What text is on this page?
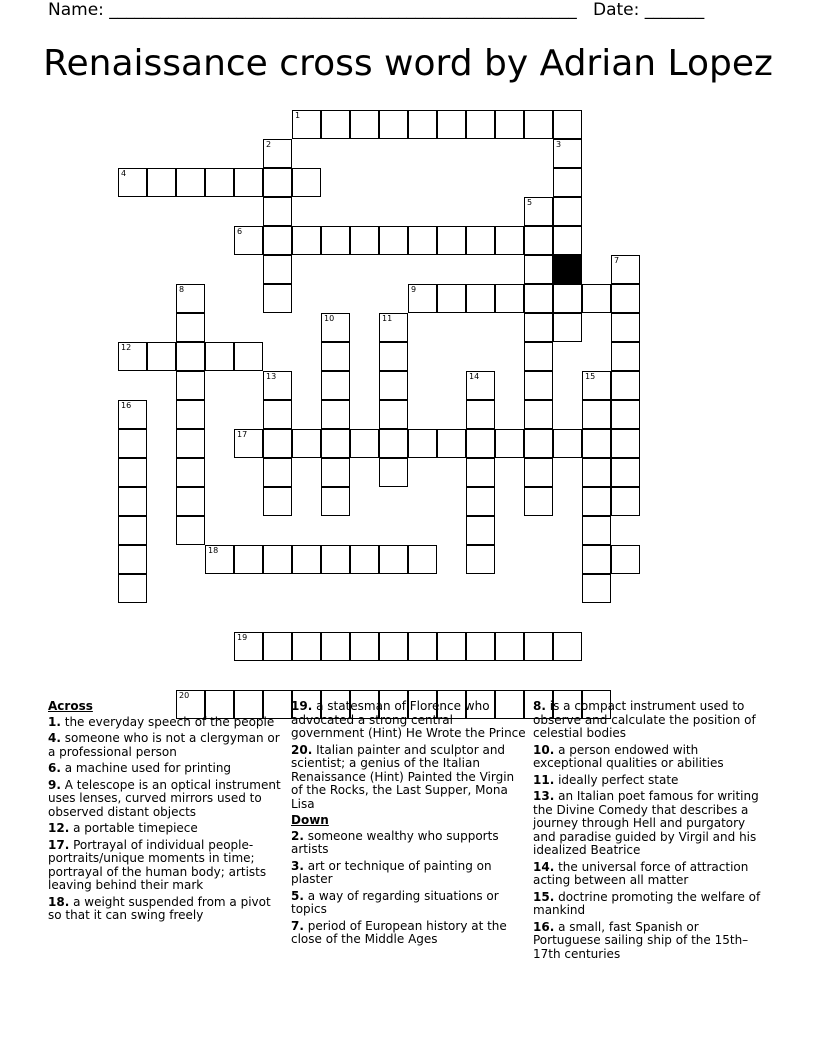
Name: _______________________________________________________   Date: _______
Renaissance cross word by Adrian Lopez
1
2	3
4
5
6
7
8	9
10	11
12
13	14	15
16
17
18
19
20
Across
1. the everyday speech of the people
4. someone who is not a clergyman or a professional person
6. a machine used for printing
9. A telescope is an optical instrument uses lenses, curved mirrors used to observed distant objects
12. a portable timepiece
17. Portrayal of individual people-portraits/unique moments in time; portrayal of the human body; artists leaving behind their mark
18. a weight suspended from a pivot so that it can swing freely
19. a statesman of Florence who advocated a strong central government (Hint) He Wrote the Prince
20. Italian painter and sculptor and scientist; a genius of the Italian Renaissance (Hint) Painted the Virgin of the Rocks, the Last Supper, Mona Lisa
Down
2. someone wealthy who supports artists
3. art or technique of painting on plaster
5. a way of regarding situations or topics
7. period of European history at the close of the Middle Ages
8. is a compact instrument used to observe and calculate the position of celestial bodies
10. a person endowed with exceptional qualities or abilities
11. ideally perfect state
13. an Italian poet famous for writing the Divine Comedy that describes a journey through Hell and purgatory and paradise guided by Virgil and his idealized Beatrice
14. the universal force of attraction acting between all matter
15. doctrine promoting the welfare of mankind
16. a small, fast Spanish or Portuguese sailing ship of the 15th–17th centuries
